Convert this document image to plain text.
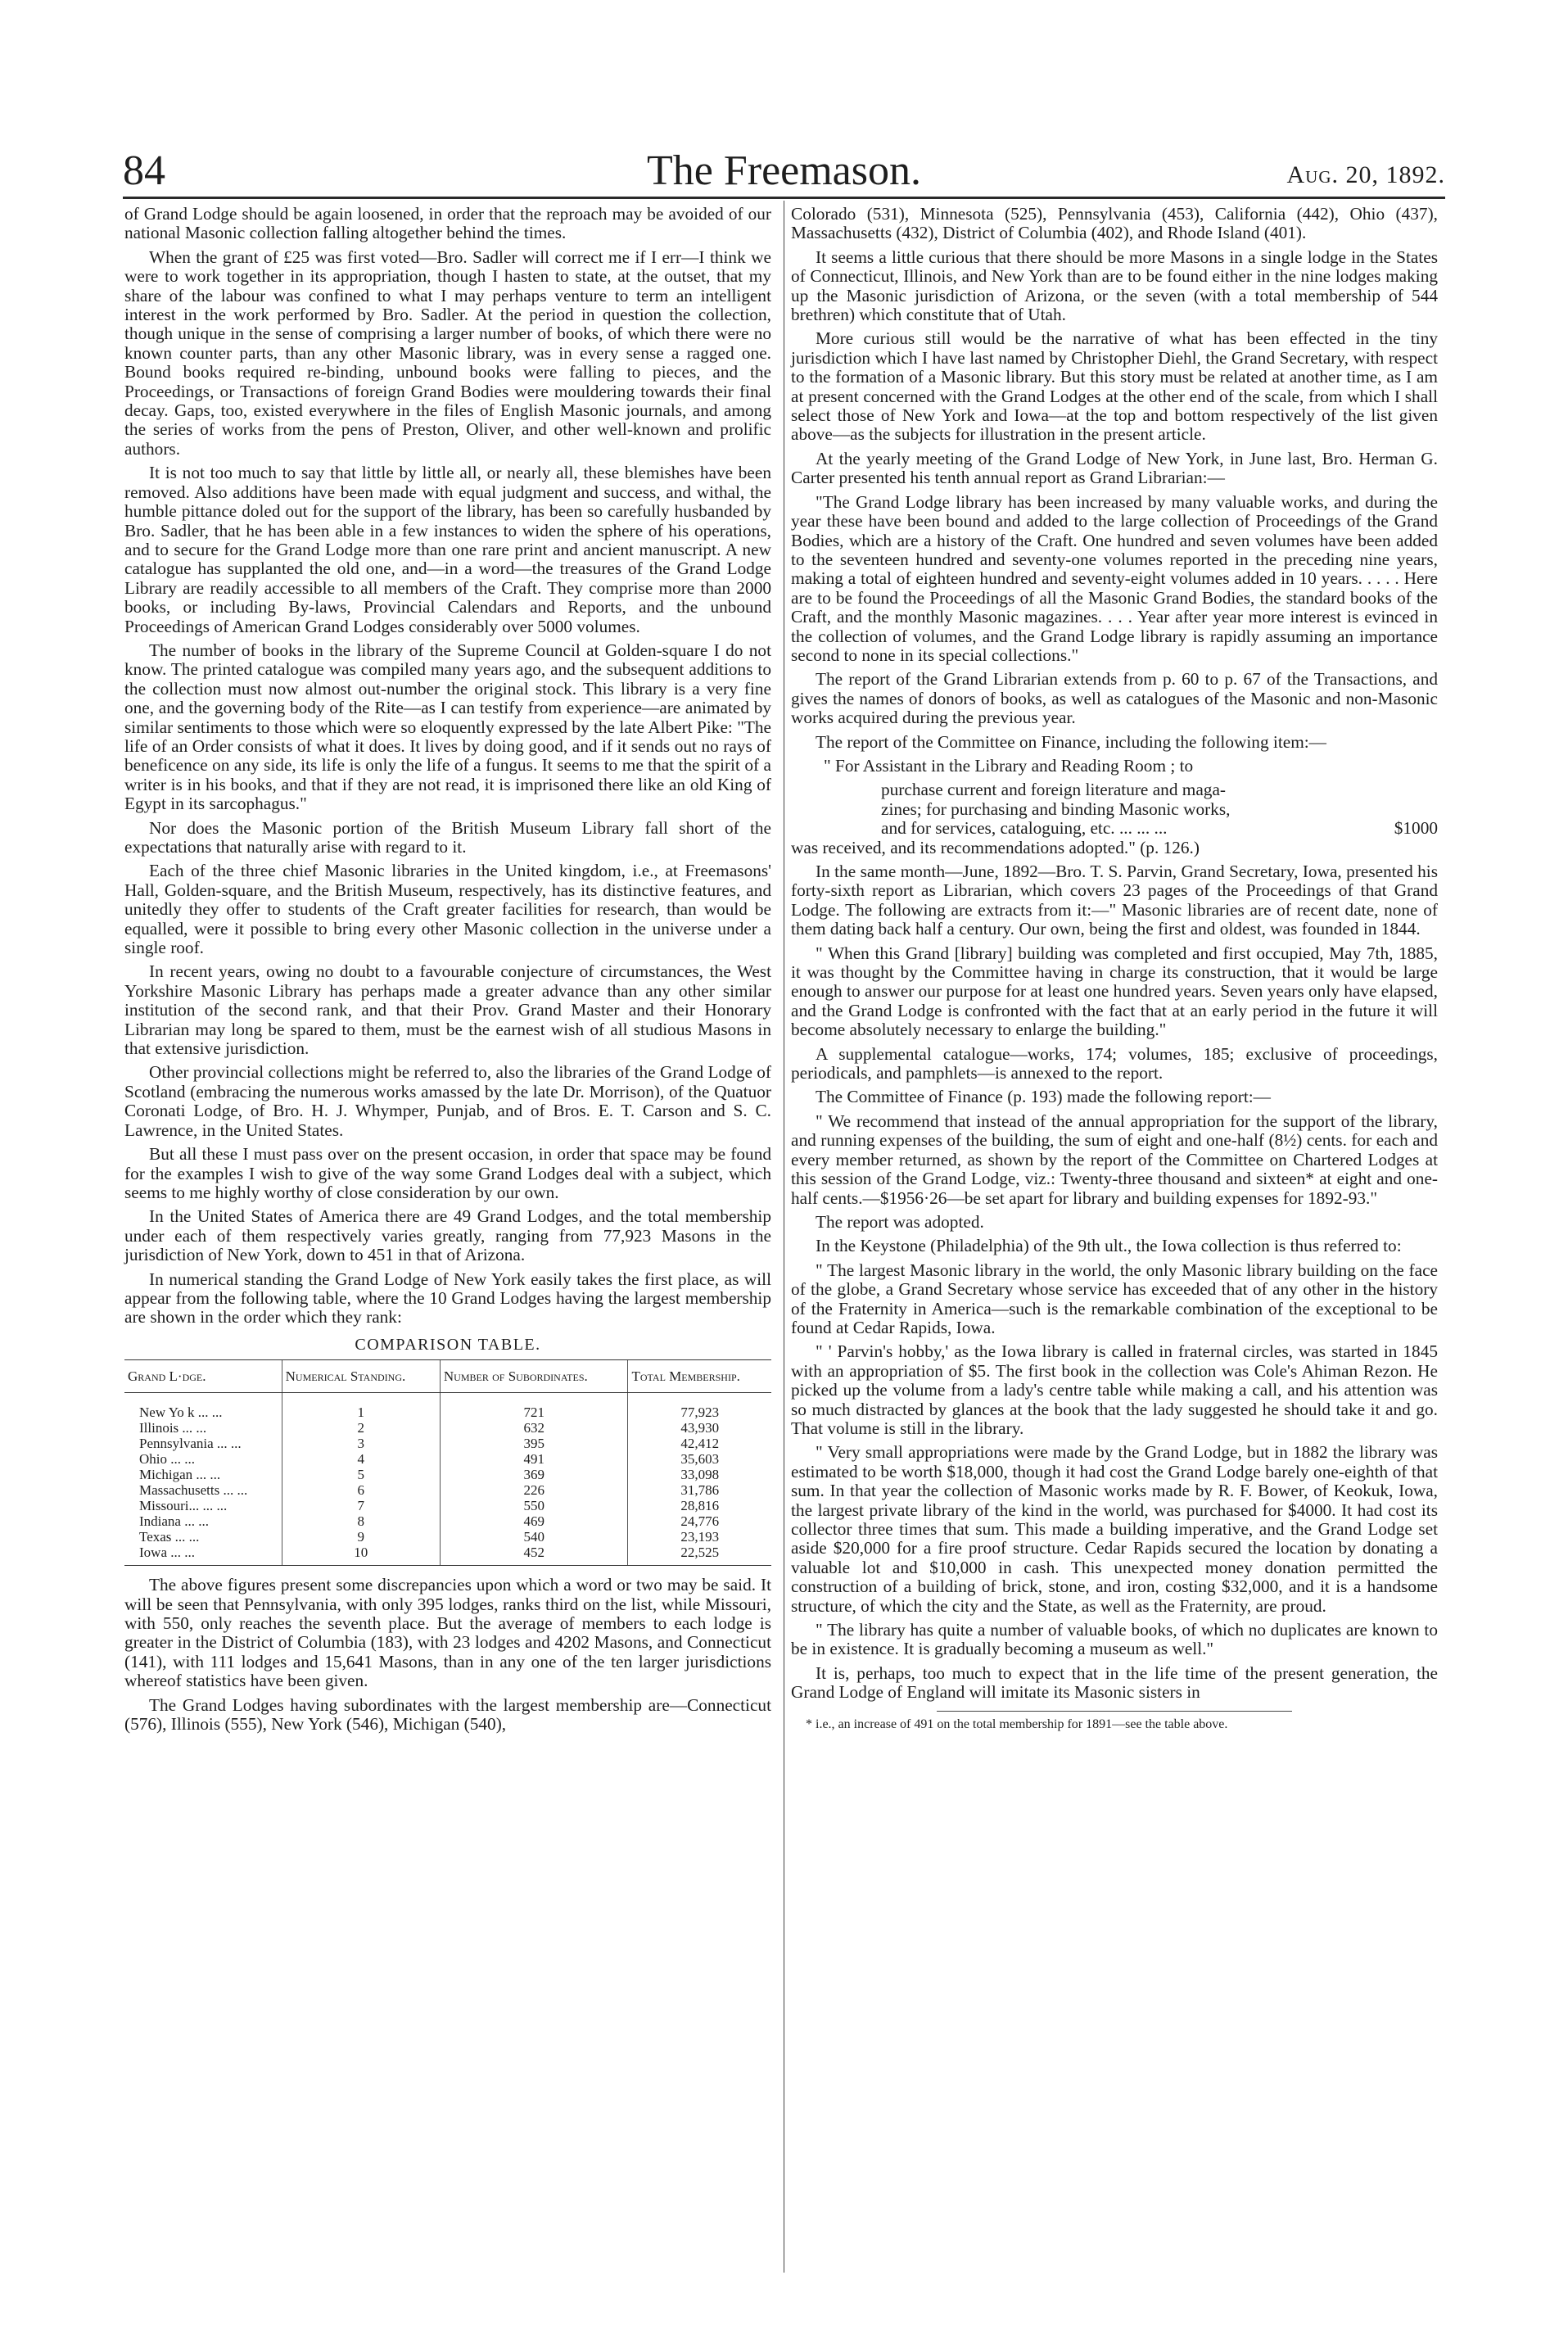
84	The Freemason.	Aug. 20, 1892.

of Grand Lodge should be again loosened, in order that the reproach may be avoided of our national Masonic collection falling altogether behind the times.

When the grant of £25 was first voted—Bro. Sadler will correct me if I err—I think we were to work together in its appropriation, though I hasten to state, at the outset, that my share of the labour was confined to what I may perhaps venture to term an intelligent interest in the work performed by Bro. Sadler. At the period in question the collection, though unique in the sense of comprising a larger number of books, of which there were no known counter parts, than any other Masonic library, was in every sense a ragged one. Bound books required re-binding, unbound books were falling to pieces, and the Proceedings, or Transactions of foreign Grand Bodies were mouldering towards their final decay. Gaps, too, existed everywhere in the files of English Masonic journals, and among the series of works from the pens of Preston, Oliver, and other well-known and prolific authors.

It is not too much to say that little by little all, or nearly all, these blemishes have been removed. Also additions have been made with equal judgment and success, and withal, the humble pittance doled out for the support of the library, has been so carefully husbanded by Bro. Sadler, that he has been able in a few instances to widen the sphere of his operations, and to secure for the Grand Lodge more than one rare print and ancient manuscript. A new catalogue has supplanted the old one, and—in a word—the treasures of the Grand Lodge Library are readily accessible to all members of the Craft. They comprise more than 2000 books, or including By-laws, Provincial Calendars and Reports, and the unbound Proceedings of American Grand Lodges considerably over 5000 volumes.

The number of books in the library of the Supreme Council at Golden-square I do not know. The printed catalogue was compiled many years ago, and the subsequent additions to the collection must now almost out-number the original stock. This library is a very fine one, and the governing body of the Rite—as I can testify from experience—are animated by similar sentiments to those which were so eloquently expressed by the late Albert Pike: "The life of an Order consists of what it does. It lives by doing good, and if it sends out no rays of beneficence on any side, its life is only the life of a fungus. It seems to me that the spirit of a writer is in his books, and that if they are not read, it is imprisoned there like an old King of Egypt in its sarcophagus."

Nor does the Masonic portion of the British Museum Library fall short of the expectations that naturally arise with regard to it.

Each of the three chief Masonic libraries in the United kingdom, i.e., at Freemasons' Hall, Golden-square, and the British Museum, respectively, has its distinctive features, and unitedly they offer to students of the Craft greater facilities for research, than would be equalled, were it possible to bring every other Masonic collection in the universe under a single roof.

In recent years, owing no doubt to a favourable conjecture of circumstances, the West Yorkshire Masonic Library has perhaps made a greater advance than any other similar institution of the second rank, and that their Prov. Grand Master and their Honorary Librarian may long be spared to them, must be the earnest wish of all studious Masons in that extensive jurisdiction.

Other provincial collections might be referred to, also the libraries of the Grand Lodge of Scotland (embracing the numerous works amassed by the late Dr. Morrison), of the Quatuor Coronati Lodge, of Bro. H. J. Whymper, Punjab, and of Bros. E. T. Carson and S. C. Lawrence, in the United States.

But all these I must pass over on the present occasion, in order that space may be found for the examples I wish to give of the way some Grand Lodges deal with a subject, which seems to me highly worthy of close consideration by our own.

In the United States of America there are 49 Grand Lodges, and the total membership under each of them respectively varies greatly, ranging from 77,923 Masons in the jurisdiction of New York, down to 451 in that of Arizona.

In numerical standing the Grand Lodge of New York easily takes the first place, as will appear from the following table, where the 10 Grand Lodges having the largest membership are shown in the order which they rank:

COMPARISON TABLE.
Grand L·dge.	Numerical Standing.	Number of Subordinates.	Total Membership.
New Yo k ... ...	1	721	77,923
Illinois ... ...	2	632	43,930
Pennsylvania ... ...	3	395	42,412
Ohio ... ...	4	491	35,603
Michigan ... ...	5	369	33,098
Massachusetts ... ...	6	226	31,786
Missouri... ... ...	7	550	28,816
Indiana ... ...	8	469	24,776
Texas ... ...	9	540	23,193
Iowa ... ...	10	452	22,525

The above figures present some discrepancies upon which a word or two may be said. It will be seen that Pennsylvania, with only 395 lodges, ranks third on the list, while Missouri, with 550, only reaches the seventh place. But the average of members to each lodge is greater in the District of Columbia (183), with 23 lodges and 4202 Masons, and Connecticut (141), with 111 lodges and 15,641 Masons, than in any one of the ten larger jurisdictions whereof statistics have been given.

The Grand Lodges having subordinates with the largest membership are—Connecticut (576), Illinois (555), New York (546), Michigan (540),

Colorado (531), Minnesota (525), Pennsylvania (453), California (442), Ohio (437), Massachusetts (432), District of Columbia (402), and Rhode Island (401).

It seems a little curious that there should be more Masons in a single lodge in the States of Connecticut, Illinois, and New York than are to be found either in the nine lodges making up the Masonic jurisdiction of Arizona, or the seven (with a total membership of 544 brethren) which constitute that of Utah.

More curious still would be the narrative of what has been effected in the tiny jurisdiction which I have last named by Christopher Diehl, the Grand Secretary, with respect to the formation of a Masonic library. But this story must be related at another time, as I am at present concerned with the Grand Lodges at the other end of the scale, from which I shall select those of New York and Iowa—at the top and bottom respectively of the list given above—as the subjects for illustration in the present article.

At the yearly meeting of the Grand Lodge of New York, in June last, Bro. Herman G. Carter presented his tenth annual report as Grand Librarian:—

"The Grand Lodge library has been increased by many valuable works, and during the year these have been bound and added to the large collection of Proceedings of the Grand Bodies, which are a history of the Craft. One hundred and seven volumes have been added to the seventeen hundred and seventy-one volumes reported in the preceding nine years, making a total of eighteen hundred and seventy-eight volumes added in 10 years. . . . . Here are to be found the Proceedings of all the Masonic Grand Bodies, the standard books of the Craft, and the monthly Masonic magazines. . . . Year after year more interest is evinced in the collection of volumes, and the Grand Lodge library is rapidly assuming an importance second to none in its special collections."

The report of the Grand Librarian extends from p. 60 to p. 67 of the Transactions, and gives the names of donors of books, as well as catalogues of the Masonic and non-Masonic works acquired during the previous year.

The report of the Committee on Finance, including the following item:—

" For Assistant in the Library and Reading Room ; to

purchase current and foreign literature and maga-

zines; for purchasing and binding Masonic works,

and for services, cataloguing, etc. ... ... ...	$1000

was received, and its recommendations adopted." (p. 126.)

In the same month—June, 1892—Bro. T. S. Parvin, Grand Secretary, Iowa, presented his forty-sixth report as Librarian, which covers 23 pages of the Proceedings of that Grand Lodge. The following are extracts from it:—" Masonic libraries are of recent date, none of them dating back half a century. Our own, being the first and oldest, was founded in 1844.

" When this Grand [library] building was completed and first occupied, May 7th, 1885, it was thought by the Committee having in charge its construction, that it would be large enough to answer our purpose for at least one hundred years. Seven years only have elapsed, and the Grand Lodge is confronted with the fact that at an early period in the future it will become absolutely necessary to enlarge the building."

A supplemental catalogue—works, 174; volumes, 185; exclusive of proceedings, periodicals, and pamphlets—is annexed to the report.

The Committee of Finance (p. 193) made the following report:—

" We recommend that instead of the annual appropriation for the support of the library, and running expenses of the building, the sum of eight and one-half (8½) cents. for each and every member returned, as shown by the report of the Committee on Chartered Lodges at this session of the Grand Lodge, viz.: Twenty-three thousand and sixteen* at eight and one-half cents.—$1956·26—be set apart for library and building expenses for 1892-93."

The report was adopted.

In the Keystone (Philadelphia) of the 9th ult., the Iowa collection is thus referred to:

" The largest Masonic library in the world, the only Masonic library building on the face of the globe, a Grand Secretary whose service has exceeded that of any other in the history of the Fraternity in America—such is the remarkable combination of the exceptional to be found at Cedar Rapids, Iowa.

" ' Parvin's hobby,' as the Iowa library is called in fraternal circles, was started in 1845 with an appropriation of $5. The first book in the collection was Cole's Ahiman Rezon. He picked up the volume from a lady's centre table while making a call, and his attention was so much distracted by glances at the book that the lady suggested he should take it and go. That volume is still in the library.

" Very small appropriations were made by the Grand Lodge, but in 1882 the library was estimated to be worth $18,000, though it had cost the Grand Lodge barely one-eighth of that sum. In that year the collection of Masonic works made by R. F. Bower, of Keokuk, Iowa, the largest private library of the kind in the world, was purchased for $4000. It had cost its collector three times that sum. This made a building imperative, and the Grand Lodge set aside $20,000 for a fire proof structure. Cedar Rapids secured the location by donating a valuable lot and $10,000 in cash. This unexpected money donation permitted the construction of a building of brick, stone, and iron, costing $32,000, and it is a handsome structure, of which the city and the State, as well as the Fraternity, are proud.

" The library has quite a number of valuable books, of which no duplicates are known to be in existence. It is gradually becoming a museum as well."

It is, perhaps, too much to expect that in the life time of the present generation, the Grand Lodge of England will imitate its Masonic sisters in

* i.e., an increase of 491 on the total membership for 1891—see the table above.
